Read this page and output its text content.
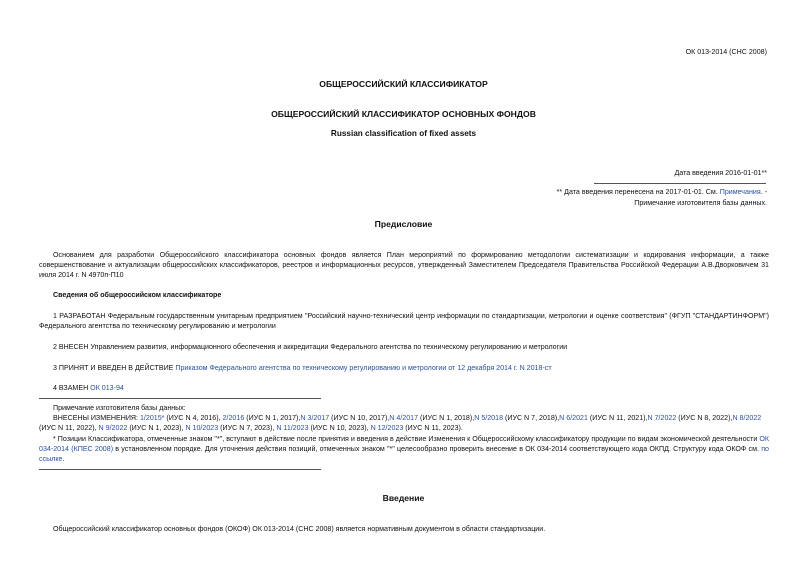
ОК 013-2014 (СНС 2008)
ОБЩЕРОССИЙСКИЙ КЛАССИФИКАТОР
ОБЩЕРОССИЙСКИЙ КЛАССИФИКАТОР ОСНОВНЫХ ФОНДОВ
Russian classification of fixed assets
Дата введения 2016-01-01**
** Дата введения перенесена на 2017-01-01. См. Примечания. -
Примечание изготовителя базы данных.
Предисловие
Основанием для разработки Общероссийского классификатора основных фондов является План мероприятий по формированию методологии систематизации и кодирования информации, а также совершенствование и актуализации общероссийских классификаторов, реестров и информационных ресурсов, утвержденный Заместителем Председателя Правительства Российской Федерации А.В.Дворковичем 31 июля 2014 г. N 4970п-П10
Сведения об общероссийском классификаторе
1 РАЗРАБОТАН Федеральным государственным унитарным предприятием "Российский научно-технический центр информации по стандартизации, метрологии и оценке соответствия" (ФГУП "СТАНДАРТИНФОРМ") Федерального агентства по техническому регулированию и метрологии
2 ВНЕСЕН Управлением развития, информационного обеспечения и аккредитации Федерального агентства по техническому регулированию и метрологии
3 ПРИНЯТ И ВВЕДЕН В ДЕЙСТВИЕ Приказом Федерального агентства по техническому регулированию и метрологии от 12 декабря 2014 г. N 2018-ст
4 ВЗАМЕН ОК 013-94
Примечание изготовителя базы данных:
ВНЕСЕНЫ ИЗМЕНЕНИЯ: 1/2015* (ИУС N 4, 2016), 2/2016 (ИУС N 1, 2017),N 3/2017 (ИУС N 10, 2017),N 4/2017 (ИУС N 1, 2018),N 5/2018 (ИУС N 7, 2018),N 6/2021 (ИУС N 11, 2021),N 7/2022 (ИУС N 8, 2022),N 8/2022 (ИУС N 11, 2022), N 9/2022 (ИУС N 1, 2023), N 10/2023 (ИУС N 7, 2023), N 11/2023 (ИУС N 10, 2023), N 12/2023 (ИУС N 11, 2023).
* Позиции Классификатора, отмеченные знаком "*", вступают в действие после принятия и введения в действие Изменения к Общероссийскому классификатору продукции по видам экономической деятельности ОК 034-2014 (КПЕС 2008) в установленном порядке. Для уточнения действия позиций, отмеченных знаком "*" целесообразно проверить внесение в ОК 034-2014 соответствующего кода ОКПД. Структуру кода ОКОФ см. по ссылке.
Введение
Общероссийский классификатор основных фондов (ОКОФ) ОК 013-2014 (СНС 2008) является нормативным документом в области стандартизации.
